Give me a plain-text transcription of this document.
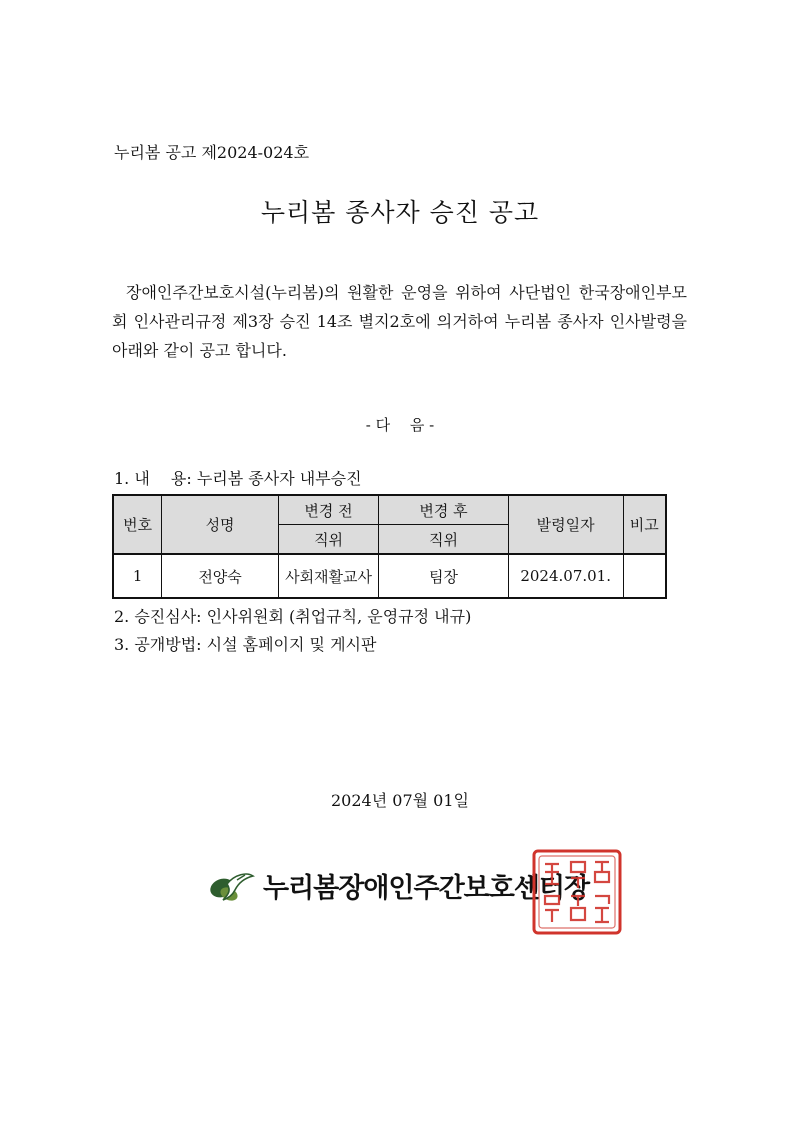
누리봄 공고 제2024-024호
누리봄 종사자 승진 공고
장애인주간보호시설(누리봄)의 원활한 운영을 위하여 사단법인 한국장애인부모회 인사관리규정 제3장 승진 14조 별지2호에 의거하여 누리봄 종사자 인사발령을 아래와 같이 공고 합니다.
- 다　 음 -
1. 내　 용: 누리봄 종사자 내부승진
번호	성명	변경 전	변경 후	발령일자	비고
		직위	직위		
1	전양숙	사회재활교사	팀장	2024.07.01.	
2. 승진심사: 인사위원회 (취업규칙, 운영규정 내규)
3. 공개방법: 시설 홈페이지 및 게시판
2024년 07월 01일
누리봄장애인주간보호센터장
